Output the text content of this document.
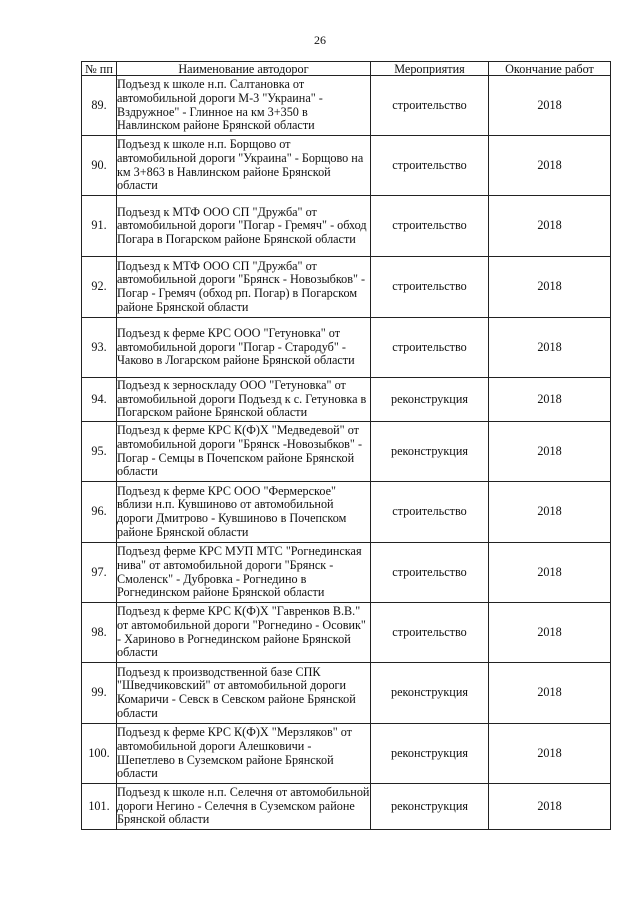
26
№ пп	Наименование автодорог	Мероприятия	Окончание работ
89.	Подъезд к школе н.п. Салтановка от автомобильной дороги М-3 "Украина" - Вздружное" - Глинное на км 3+350 в Навлинском районе Брянской области	строительство	2018
90.	Подъезд к школе н.п. Борщово от автомобильной дороги "Украина" - Борщово на км 3+863 в Навлинском районе Брянской области	строительство	2018
91.	Подъезд к МТФ ООО СП "Дружба" от автомобильной дороги "Погар - Гремяч" - обход Погара в Погарском районе Брянской области	строительство	2018
92.	Подъезд к МТФ ООО СП "Дружба" от автомобильной дороги "Брянск - Новозыбков" - Погар - Гремяч (обход рп. Погар) в Погарском районе Брянской области	строительство	2018
93.	Подъезд к ферме КРС ООО "Гетуновка" от автомобильной дороги "Погар - Стародуб" - Чаково в Логарском районе Брянской области	строительство	2018
94.	Подъезд к зерноскладу ООО "Гетуновка" от автомобильной дороги Подъезд к с. Гетуновка в Погарском районе Брянской области	реконструкция	2018
95.	Подъезд к ферме КРС К(Ф)Х "Медведевой" от автомобильной дороги "Брянск -Новозыбков" - Погар - Семцы в Почепском районе Брянской области	реконструкция	2018
96.	Подъезд к ферме КРС ООО "Фермерское" вблизи н.п. Кувшиново от автомобильной дороги Дмитрово - Кувшиново в Почепском районе Брянской области	строительство	2018
97.	Подъезд ферме КРС МУП МТС "Рогнединская нива" от автомобильной дороги "Брянск - Смоленск" - Дубровка - Рогнедино в Рогнединском районе Брянской области	строительство	2018
98.	Подъезд к ферме КРС К(Ф)Х "Гавренков В.В." от автомобильной дороги "Рогнедино - Осовик" - Хариново в Рогнединском районе Брянской области	строительство	2018
99.	Подъезд к производственной базе СПК "Шведчиковский" от автомобильной дороги Комаричи - Севск в Севском районе Брянской области	реконструкция	2018
100.	Подъезд к ферме КРС К(Ф)Х "Мерзляков" от автомобильной дороги Алешковичи - Шепетлево в Суземском районе Брянской области	реконструкция	2018
101.	Подъезд к школе н.п. Селечня от автомобильной дороги Негино - Селечня в Суземском районе Брянской области	реконструкция	2018
